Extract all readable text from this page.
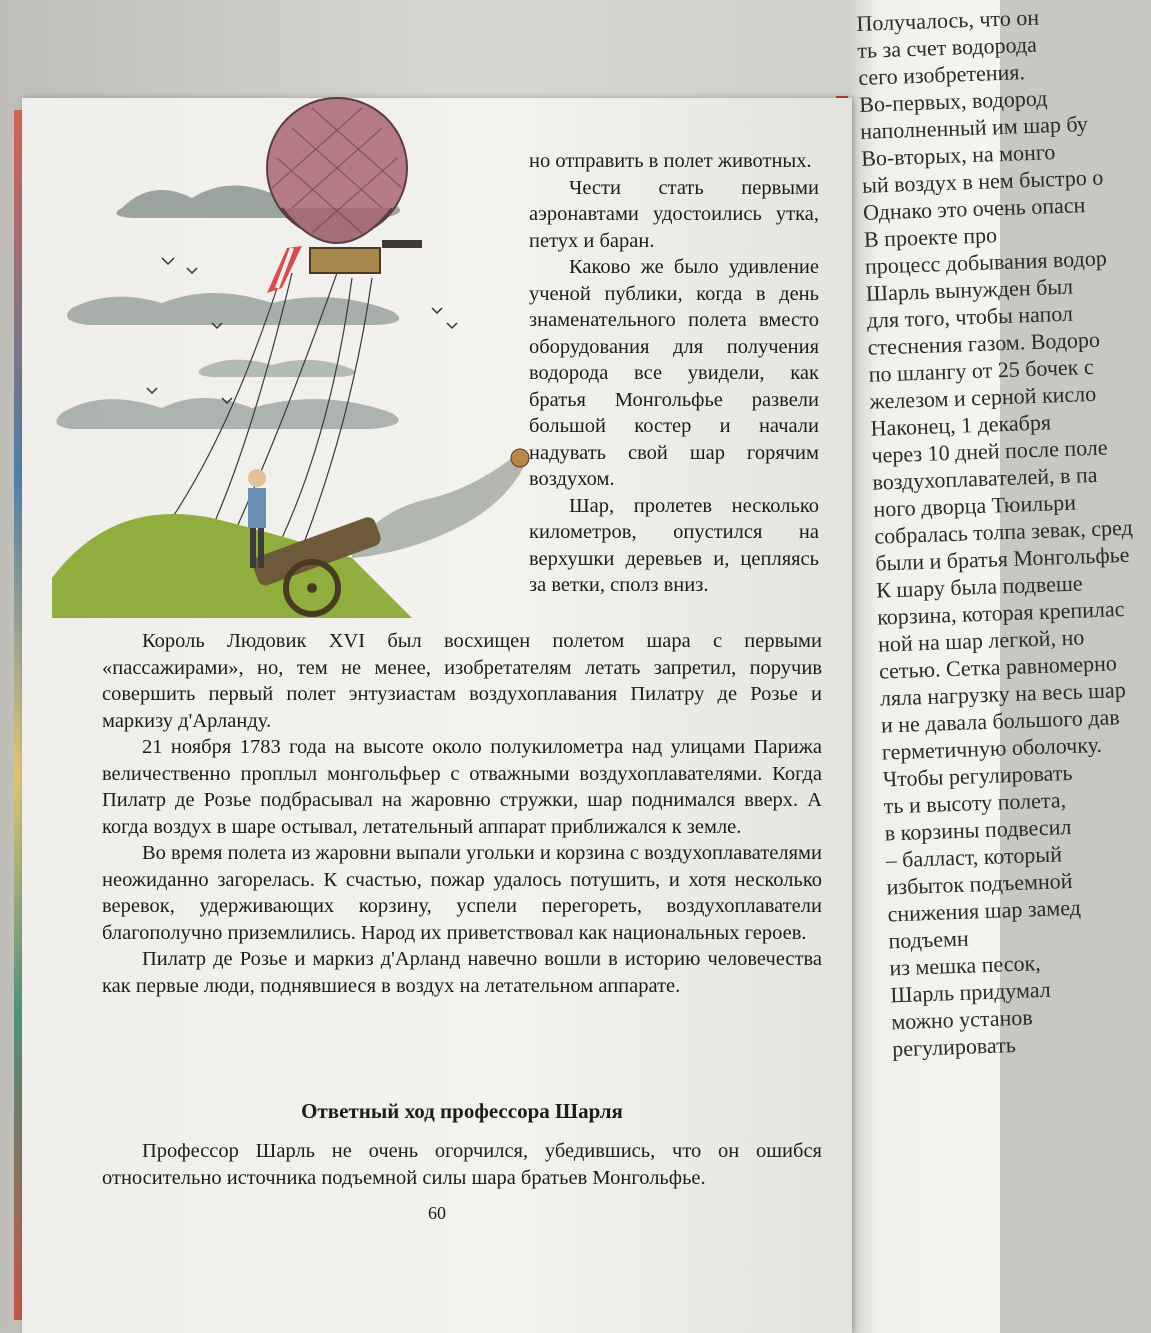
Получалось, что он
ть за счет водорода
сего изобретения.
Во-первых, водород
наполненный им шар бу
Во-вторых, на монго
ый воздух в нем быстро о
Однако это очень опасн
В проекте про
процесс добывания водор
Шарль вынужден был
для того, чтобы напол
стеснения газом. Водоро
по шлангу от 25 бочек с
железом и серной кисло
Наконец, 1 декабря
через 10 дней после поле
воздухоплавателей, в па
ного дворца Тюильри
собралась толпа зевак, сред
были и братья Монгольфье
К шару была подвеше
корзина, которая крепилас
ной на шар легкой, но
сетью. Сетка равномерно
ляла нагрузку на весь шар
и не давала большого дав
герметичную оболочку.
Чтобы регулировать
ть и высоту полета,
в корзины подвесил
– балласт, который
избыток подъемной
снижения шар замед
подъемн
из мешка песок,
Шарль придумал
можно установ
регулировать

но отправить в полет животных.

Чести стать первыми аэронавтами удостоились утка, петух и баран.

Каково же было удивление ученой публики, когда в день знаменательного полета вместо оборудования для получения водорода все увидели, как братья Монгольфье развели большой костер и начали надувать свой шар горячим воздухом.

Шар, пролетев несколько километров, опустился на верхушки деревьев и, цепляясь за ветки, сполз вниз.

Король Людовик XVI был восхищен полетом шара с первыми «пассажирами», но, тем не менее, изобретателям летать запретил, поручив совершить первый полет энтузиастам воздухоплавания Пилатру де Розье и маркизу д'Арланду.

21 ноября 1783 года на высоте около полукилометра над улицами Парижа величественно проплыл монгольфьер с отважными воздухоплавателями. Когда Пилатр де Розье подбрасывал на жаровню стружки, шар поднимался вверх. А когда воздух в шаре остывал, летательный аппарат приближался к земле.

Во время полета из жаровни выпали угольки и корзина с воздухоплавателями неожиданно загорелась. К счастью, пожар удалось потушить, и хотя несколько веревок, удерживающих корзину, успели перегореть, воздухоплаватели благополучно приземлились. Народ их приветствовал как национальных героев.

Пилатр де Розье и маркиз д'Арланд навечно вошли в историю человечества как первые люди, поднявшиеся в воздух на летательном аппарате.

Ответный ход профессора Шарля

Профессор Шарль не очень огорчился, убедившись, что он ошибся относительно источника подъемной силы шара братьев Монгольфье.

60
